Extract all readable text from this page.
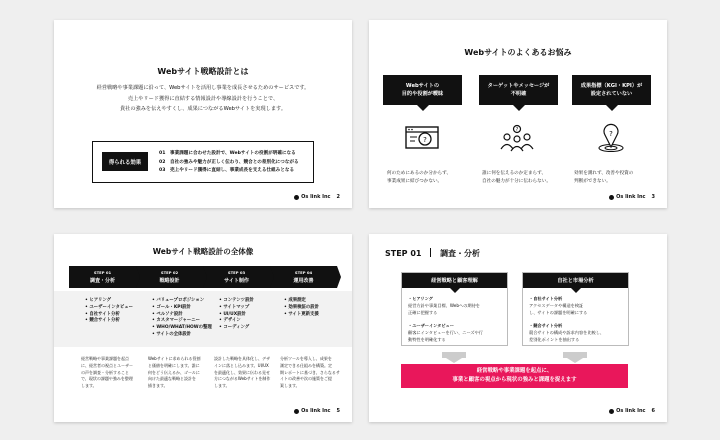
Webサイト戦略設計とは
経営戦略や事業課題に沿って、Webサイトを活用し事業を成長させるためのサービスです。
売上やリード獲得に直結する情報設計や導線設計を行うことで、
貴社の強みを伝えやすくし、成果につながるWebサイトを実現します。
得られる効果
01 事業課題に合わせた設計で、Webサイトの役割が明確になる
02 自社の強みや魅力が正しく伝わり、競合との差別化につながる
03 売上やリード獲得に直結し、事業成長を支える仕組みとなる
Os link Inc 2
Webサイトのよくあるお悩み
Webサイトの
目的や役割が曖昧
ターゲットやメッセージが
不明確
成果指標（KGI・KPI）が
設定されていない
?
?	?
何のためにあるのか分からず、
事業成果に結びつかない。
誰に何を伝えるのか定まらず、
自社の魅力が十分に伝わらない。
効果を測れず、改善や投資の
判断ができない。
Os link Inc 3
Webサイト戦略設計の全体像
STEP 01
調査・分析
STEP 02
戦略設計
STEP 03
サイト制作
STEP 04
運用改善
• ヒアリング
• ユーザーインタビュー
• 自社サイト分析
• 競合サイト分析
• バリュープロポジション
• ゴール・KPI設計
• ペルソナ設計
• カスタマージャーニー
• WHO/WHAT/HOWの整理
• サイトの全体設計
• コンテンツ設計
• サイトマップ
• UI/UX設計
• デザイン
• コーディング
• 成果測定
• 効果検証の設計
• サイト更新支援
経営戦略や事業課題を起点
に、経営者の視点とユーザー
の声を調査・分析すること
で、現状の課題や強みを整理
します。
Webサイトに求められる役割
と価値を明確にします。誰に
何をどう伝えるか、ゴールに
向けた最適な戦略と設計を
描きます。
設計した戦略を具体化し、デザ
インに落とし込みます。UI/UX
を最適化し、効果に伝わる見せ
方につながるWebサイトを制作
します。
分析ツールを導入し、成果を
測定できる仕組みを構築。定
期レポートに基づき、さらなるサ
イトの改善や次の施策をご提
案します。
Os link Inc 5
STEP 01 調査・分析
経営戦略と顧客理解
・ヒアリング
経営方針や事業目標、Webへの期待を
正確に把握する
・ユーザーインタビュー
顧客にインタビューを行い、ニーズや行
動特性を明確化する
自社と市場分析
・自社サイト分析
アクセスデータや構造を検証
し、サイトの課題を明確にする
・競合サイト分析
競合サイトの構成や訴求内容を比較し、
差別化ポイントを抽出する
経営戦略や事業課題を起点に、
事業と顧客の視点から現状の強みと課題を捉えます
Os link Inc 6
